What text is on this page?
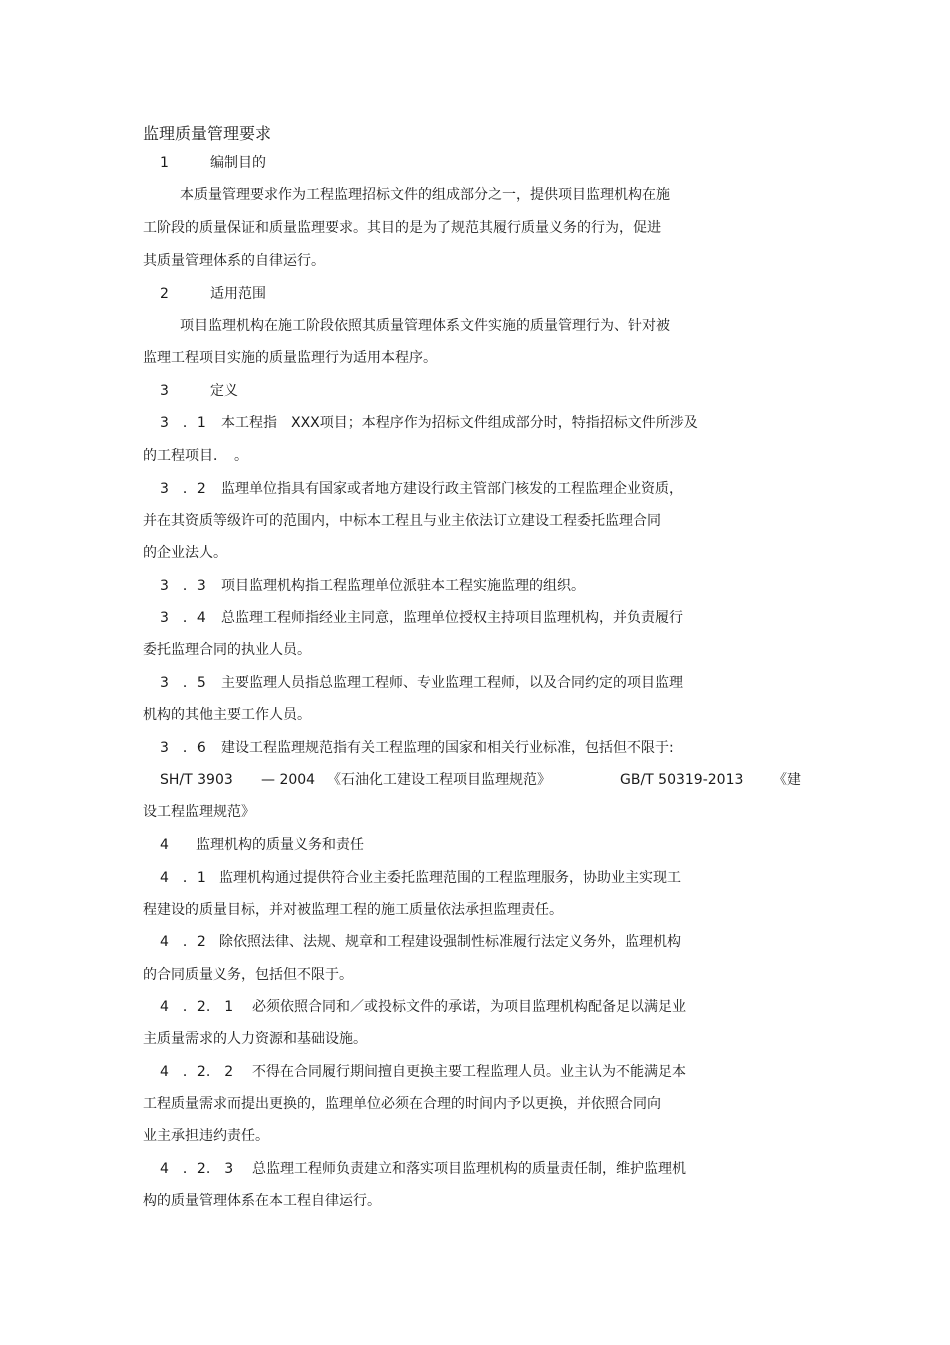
监理质量管理要求
1	编制目的
本质量管理要求作为工程监理招标文件的组成部分之一，提供项目监理机构在施
工阶段的质量保证和质量监理要求。其目的是为了规范其履行质量义务的行为，促进
其质量管理体系的自律运行。
2	适用范围
项目监理机构在施工阶段依照其质量管理体系文件实施的质量管理行为、针对被
监理工程项目实施的质量监理行为适用本程序。
3	定义
3　．1 本工程指　XXX项目；本程序作为招标文件组成部分时，特指招标文件所涉及
的工程项目．　。
3　．2 监理单位指具有国家或者地方建设行政主管部门核发的工程监理企业资质，
并在其资质等级许可的范围内，中标本工程且与业主依法订立建设工程委托监理合同
的企业法人。
3　．3 项目监理机构指工程监理单位派驻本工程实施监理的组织。
3　．4 总监理工程师指经业主同意，监理单位授权主持项目监理机构，并负责履行
委托监理合同的执业人员。
3　．5 主要监理人员指总监理工程师、专业监理工程师，以及合同约定的项目监理
机构的其他主要工作人员。
3　．6 建设工程监理规范指有关工程监理的国家和相关行业标准，包括但不限于:
SH/T 3903 — 2004 《石油化工建设工程项目监理规范》	GB/T 50319-2013 《建
设工程监理规范》
4 监理机构的质量义务和责任
4　．1 监理机构通过提供符合业主委托监理范围的工程监理服务，协助业主实现工
程建设的质量目标，并对被监理工程的施工质量依法承担监理责任。
4　．2 除依照法律、法规、规章和工程建设强制性标准履行法定义务外，监理机构
的合同质量义务，包括但不限于。
4　．2.　1 必须依照合同和／或投标文件的承诺，为项目监理机构配备足以满足业
主质量需求的人力资源和基础设施。
4　．2.　2 不得在合同履行期间擅自更换主要工程监理人员。业主认为不能满足本
工程质量需求而提出更换的，监理单位必须在合理的时间内予以更换，并依照合同向
业主承担违约责任。
4　．2.　3 总监理工程师负责建立和落实项目监理机构的质量责任制，维护监理机
构的质量管理体系在本工程自律运行。
